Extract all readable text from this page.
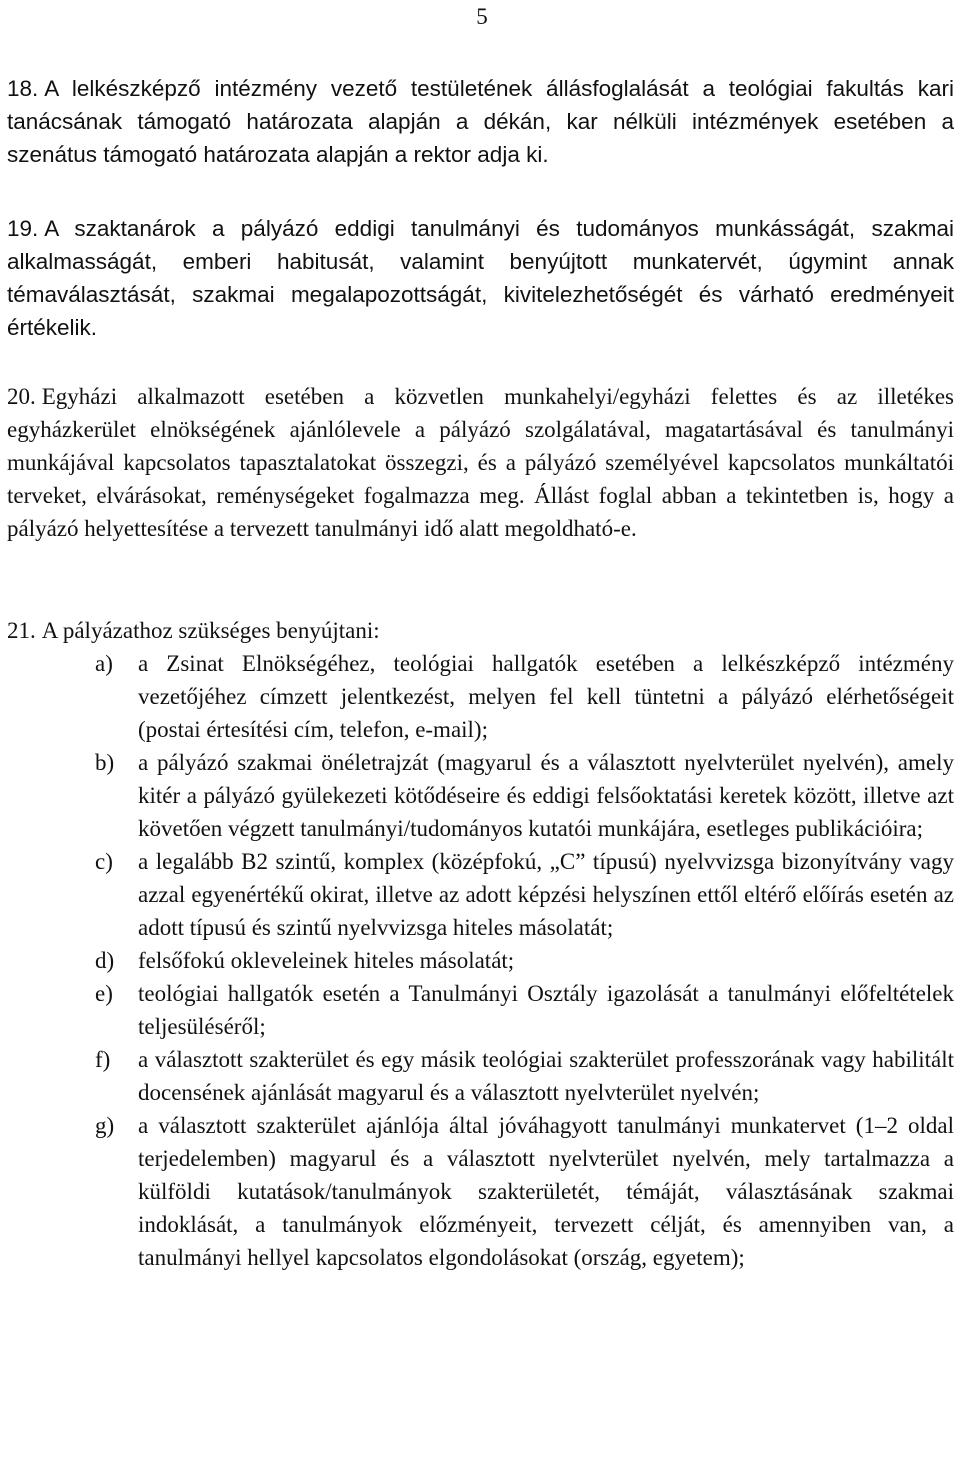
5

18. A lelkészképző intézmény vezető testületének állásfoglalását a teológiai fakultás kari tanácsának támogató határozata alapján a dékán, kar nélküli intézmények esetében a szenátus támogató határozata alapján a rektor adja ki.

19. A szaktanárok a pályázó eddigi tanulmányi és tudományos munkásságát, szakmai alkalmasságát, emberi habitusát, valamint benyújtott munkatervét, úgymint annak témaválasztását, szakmai megalapozottságát, kivitelezhetőségét és várható eredményeit értékelik.

20. Egyházi alkalmazott esetében a közvetlen munkahelyi/egyházi felettes és az illetékes egyházkerület elnökségének ajánlólevele a pályázó szolgálatával, magatartásával és tanulmányi munkájával kapcsolatos tapasztalatokat összegzi, és a pályázó személyével kapcsolatos munkáltatói terveket, elvárásokat, reménységeket fogalmazza meg. Állást foglal abban a tekintetben is, hogy a pályázó helyettesítése a tervezett tanulmányi idő alatt megoldható-e.

21. A pályázathoz szükséges benyújtani:

a) a Zsinat Elnökségéhez, teológiai hallgatók esetében a lelkészképző intézmény vezetőjéhez címzett jelentkezést, melyen fel kell tüntetni a pályázó elérhetőségeit (postai értesítési cím, telefon, e-mail);
b) a pályázó szakmai önéletrajzát (magyarul és a választott nyelvterület nyelvén), amely kitér a pályázó gyülekezeti kötődéseire és eddigi felsőoktatási keretek között, illetve azt követően végzett tanulmányi/tudományos kutatói munkájára, esetleges publikációira;
c) a legalább B2 szintű, komplex (középfokú, „C” típusú) nyelvvizsga bizonyítvány vagy azzal egyenértékű okirat, illetve az adott képzési helyszínen ettől eltérő előírás esetén az adott típusú és szintű nyelvvizsga hiteles másolatát;
d) felsőfokú okleveleinek hiteles másolatát;
e) teológiai hallgatók esetén a Tanulmányi Osztály igazolását a tanulmányi előfeltételek teljesüléséről;
f) a választott szakterület és egy másik teológiai szakterület professzorának vagy habilitált docensének ajánlását magyarul és a választott nyelvterület nyelvén;
g) a választott szakterület ajánlója által jóváhagyott tanulmányi munkatervet (1–2 oldal terjedelemben) magyarul és a választott nyelvterület nyelvén, mely tartalmazza a külföldi kutatások/tanulmányok szakterületét, témáját, választásának szakmai indoklását, a tanulmányok előzményeit, tervezett célját, és amennyiben van, a tanulmányi hellyel kapcsolatos elgondolásokat (ország, egyetem);
